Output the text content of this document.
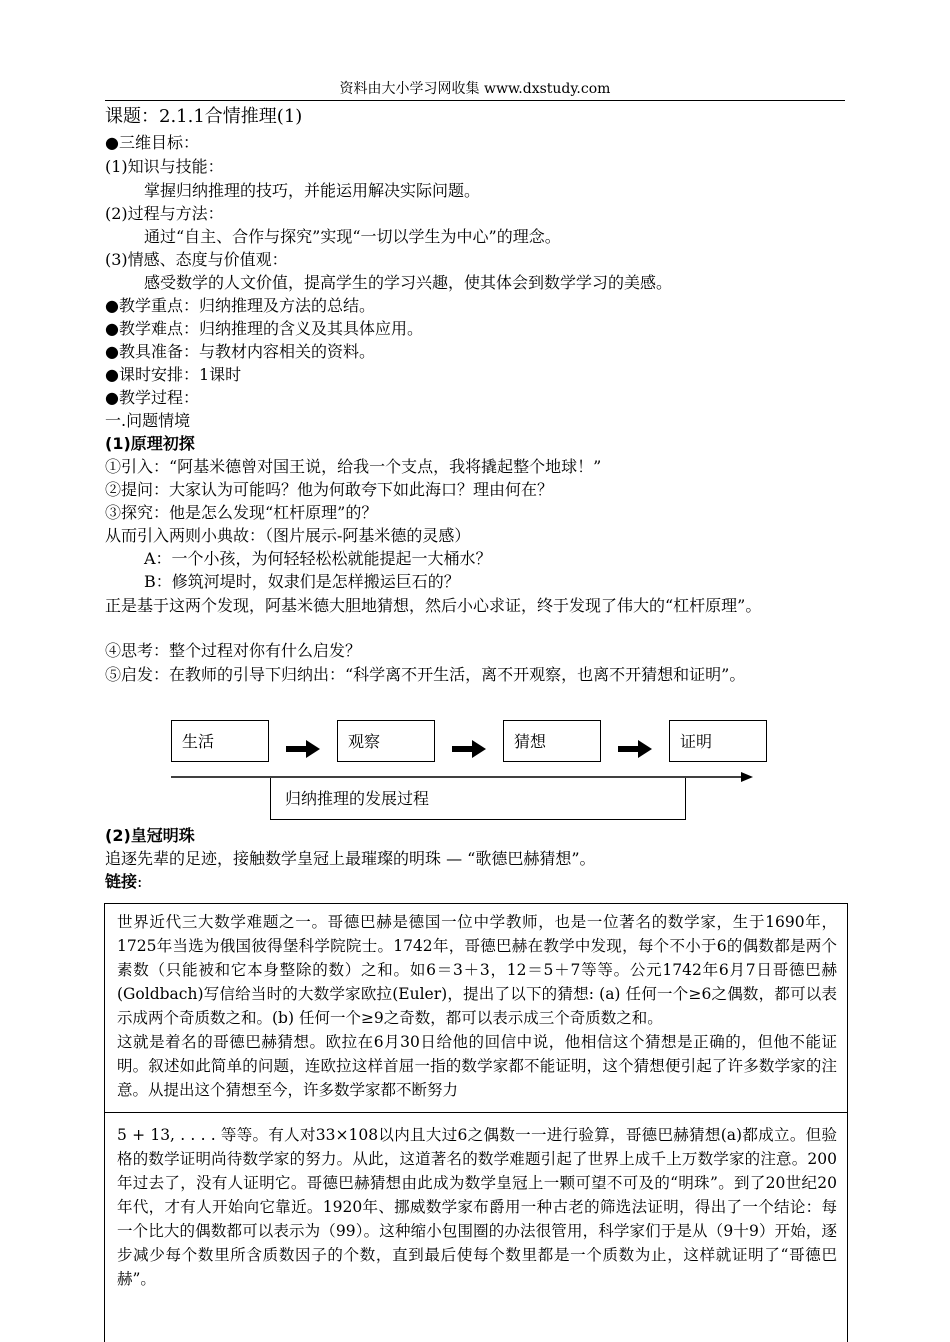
资料由大小学习网收集 www.dxstudy.com
课题：2.1.1合情推理(1)
●三维目标：
(1)知识与技能：
掌握归纳推理的技巧，并能运用解决实际问题。
(2)过程与方法：
通过“自主、合作与探究”实现“一切以学生为中心”的理念。
(3)情感、态度与价值观：
感受数学的人文价值，提高学生的学习兴趣，使其体会到数学学习的美感。
●教学重点：归纳推理及方法的总结。
●教学难点：归纳推理的含义及其具体应用。
●教具准备：与教材内容相关的资料。
●课时安排：1课时
●教学过程：
一.问题情境
(1)原理初探
①引入：“阿基米德曾对国王说，给我一个支点，我将撬起整个地球！”
②提问：大家认为可能吗？他为何敢夸下如此海口？理由何在？
③探究：他是怎么发现“杠杆原理”的？
从而引入两则小典故：（图片展示-阿基米德的灵感）
A：一个小孩，为何轻轻松松就能提起一大桶水？
B：修筑河堤时，奴隶们是怎样搬运巨石的？
正是基于这两个发现，阿基米德大胆地猜想，然后小心求证，终于发现了伟大的“杠杆原理”。
④思考：整个过程对你有什么启发？
⑤启发：在教师的引导下归纳出：“科学离不开生活，离不开观察，也离不开猜想和证明”。
生活	观察	猜想	证明
归纳推理的发展过程
(2)皇冠明珠
追逐先辈的足迹，接触数学皇冠上最璀璨的明珠 — “歌德巴赫猜想”。
链接:

世界近代三大数学难题之一。哥德巴赫是德国一位中学教师，也是一位著名的数学家，生于1690年，1725年当选为俄国彼得堡科学院院士。1742年，哥德巴赫在教学中发现，每个不小于6的偶数都是两个素数（只能被和它本身整除的数）之和。如6＝3＋3，12＝5＋7等等。公元1742年6月7日哥德巴赫(Goldbach)写信给当时的大数学家欧拉(Euler)，提出了以下的猜想: (a) 任何一个≥6之偶数，都可以表示成两个奇质数之和。(b) 任何一个≥9之奇数，都可以表示成三个奇质数之和。

这就是着名的哥德巴赫猜想。欧拉在6月30日给他的回信中说，他相信这个猜想是正确的，但他不能证明。叙述如此简单的问题，连欧拉这样首屈一指的数学家都不能证明，这个猜想便引起了许多数学家的注意。从提出这个猜想至今，许多数学家都不断努力

5 + 13, . . . . 等等。有人对33×108以内且大过6之偶数一一进行验算，哥德巴赫猜想(a)都成立。但验格的数学证明尚待数学家的努力。从此，这道著名的数学难题引起了世界上成千上万数学家的注意。200年过去了，没有人证明它。哥德巴赫猜想由此成为数学皇冠上一颗可望不可及的“明珠”。到了20世纪20年代，才有人开始向它靠近。1920年、挪威数学家布爵用一种古老的筛选法证明，得出了一个结论：每一个比大的偶数都可以表示为（99）。这种缩小包围圈的办法很管用，科学家们于是从（9十9）开始，逐步减少每个数里所含质数因子的个数，直到最后使每个数里都是一个质数为止，这样就证明了“哥德巴赫”。
